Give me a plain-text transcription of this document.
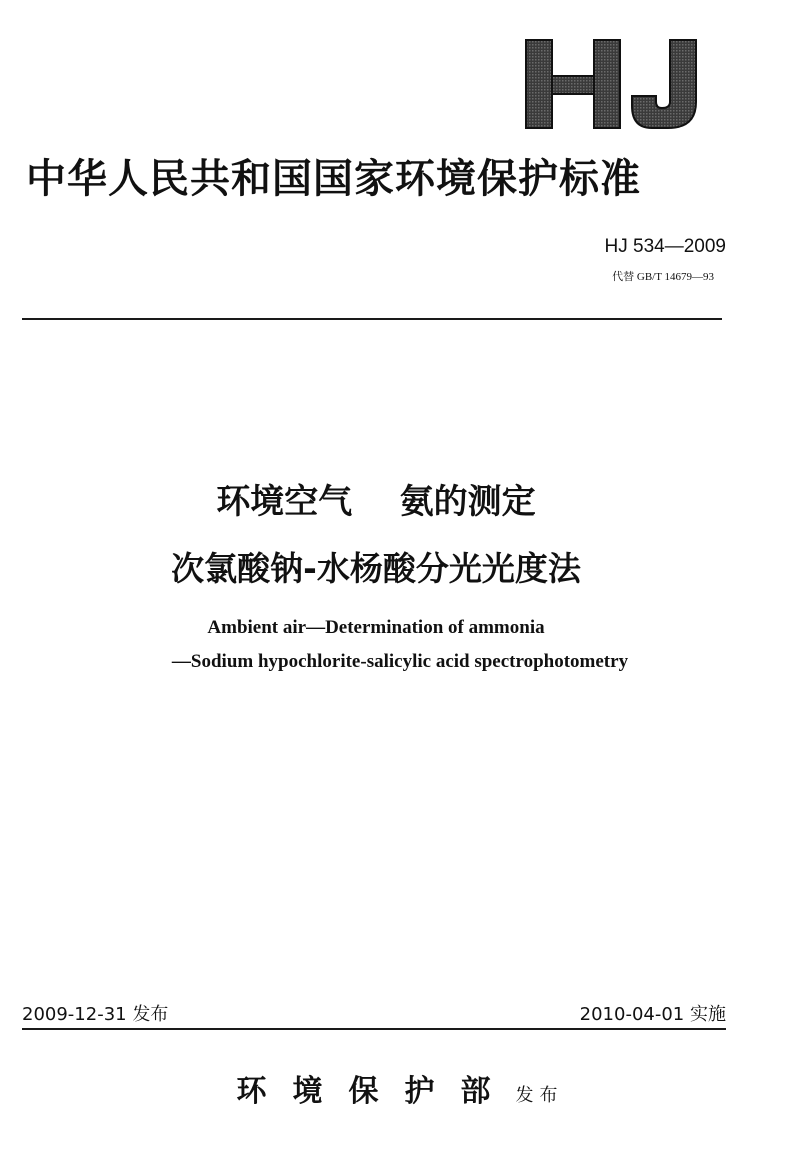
中华人民共和国国家环境保护标准
HJ 534—2009
代替 GB/T 14679—93
环境空气    氨的测定
次氯酸钠-水杨酸分光光度法
Ambient air—Determination of ammonia
—Sodium hypochlorite-salicylic acid spectrophotometry
2009-12-31 发布	2010-04-01 实施
环境保护部 发布
